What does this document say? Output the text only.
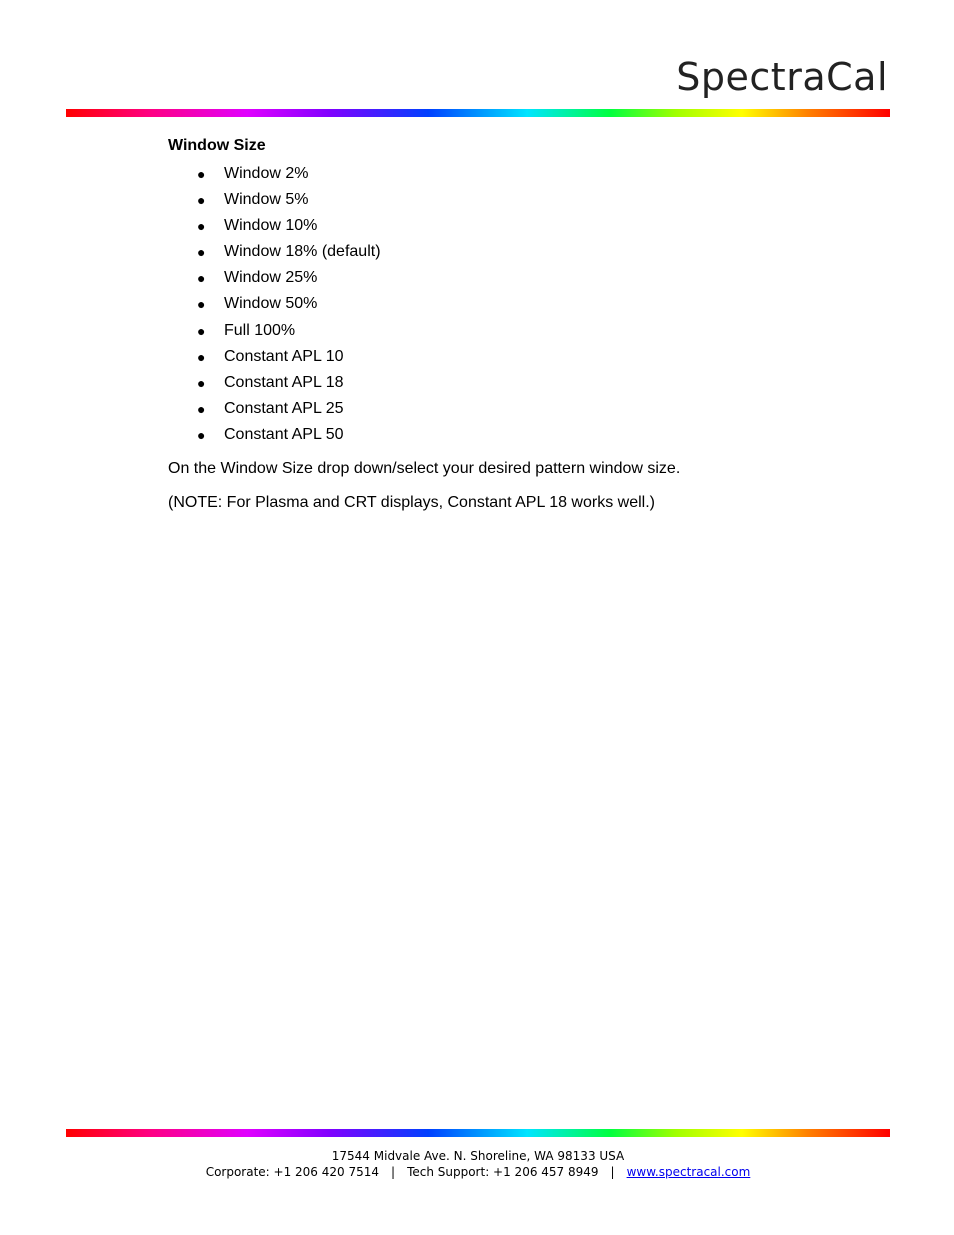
SpectraCal

Window Size

● Window 2%
● Window 5%
● Window 10%
● Window 18% (default)
● Window 25%
● Window 50%
● Full 100%
● Constant APL 10
● Constant APL 18
● Constant APL 25
● Constant APL 50

On the Window Size drop down/select your desired pattern window size.

(NOTE: For Plasma and CRT displays, Constant APL 18 works well.)

17544 Midvale Ave. N. Shoreline, WA 98133 USA
Corporate: +1 206 420 7514 | Tech Support: +1 206 457 8949 | www.spectracal.com
